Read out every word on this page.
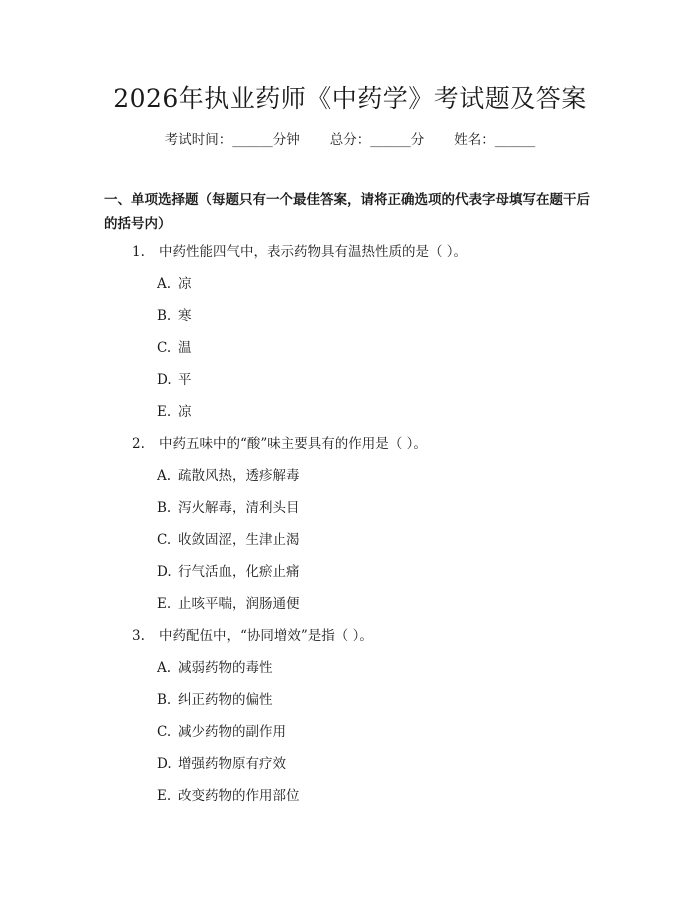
2026年执业药师《中药学》考试题及答案
考试时间：______分钟 总分：______分 姓名：______
一、单项选择题（每题只有一个最佳答案，请将正确选项的代表字母填写在题干后的括号内）
1. 中药性能四气中，表示药物具有温热性质的是（ ）。
A. 凉
B. 寒
C. 温
D. 平
E. 凉
2. 中药五味中的“酸”味主要具有的作用是（ ）。
A. 疏散风热，透疹解毒
B. 泻火解毒，清利头目
C. 收敛固涩，生津止渴
D. 行气活血，化瘀止痛
E. 止咳平喘，润肠通便
3. 中药配伍中，“协同增效”是指（ ）。
A. 减弱药物的毒性
B. 纠正药物的偏性
C. 减少药物的副作用
D. 增强药物原有疗效
E. 改变药物的作用部位
